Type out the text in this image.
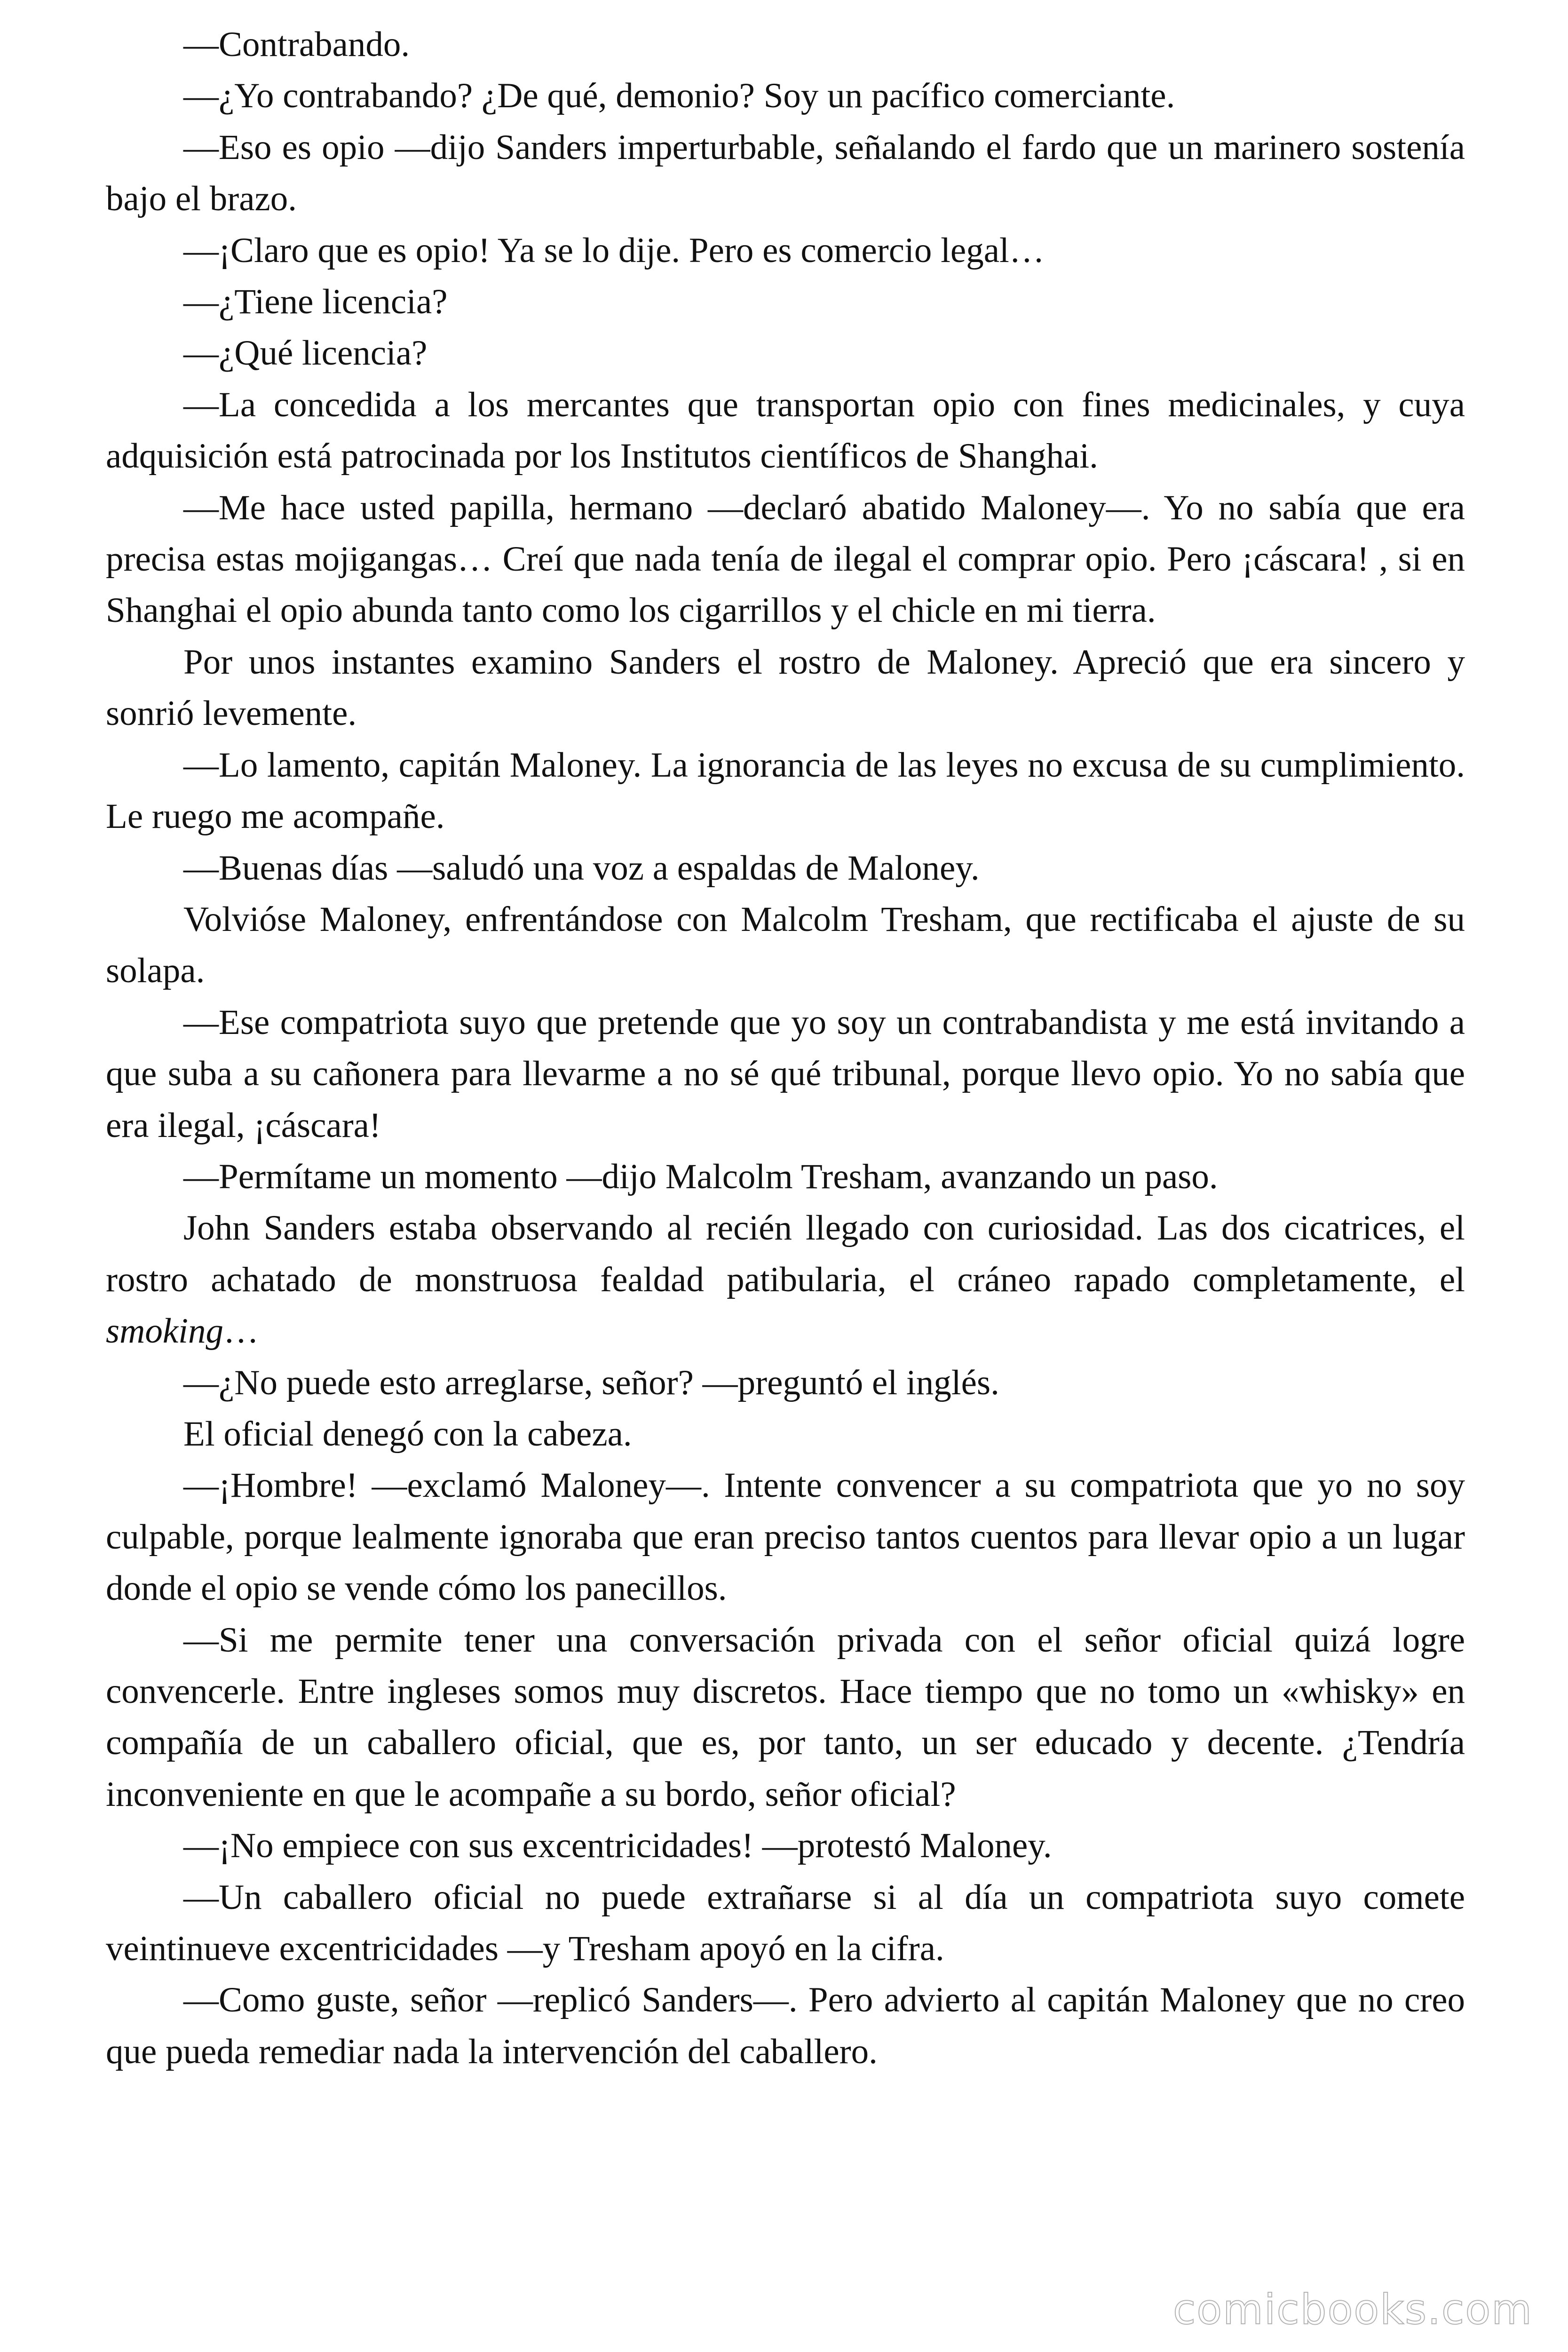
—Contrabando.

—¿Yo contrabando? ¿De qué, demonio? Soy un pacífico comerciante.

—Eso es opio —dijo Sanders imperturbable, señalando el fardo que un marinero sostenía bajo el brazo.

—¡Claro que es opio! Ya se lo dije. Pero es comercio legal…

—¿Tiene licencia?

—¿Qué licencia?

—La concedida a los mercantes que transportan opio con fines medicinales, y cuya adquisición está patrocinada por los Institutos científicos de Shanghai.

—Me hace usted papilla, hermano —declaró abatido Maloney—. Yo no sabía que era precisa estas mojigangas… Creí que nada tenía de ilegal el comprar opio. Pero ¡cáscara! , si en Shanghai el opio abunda tanto como los cigarrillos y el chicle en mi tierra.

Por unos instantes examino Sanders el rostro de Maloney. Apreció que era sincero y sonrió levemente.

—Lo lamento, capitán Maloney. La ignorancia de las leyes no excusa de su cumplimiento. Le ruego me acompañe.

—Buenas días —saludó una voz a espaldas de Maloney.

Volvióse Maloney, enfrentándose con Malcolm Tresham, que rectificaba el ajuste de su solapa.

—Ese compatriota suyo que pretende que yo soy un contrabandista y me está invitando a que suba a su cañonera para llevarme a no sé qué tribunal, porque llevo opio. Yo no sabía que era ilegal, ¡cáscara!

—Permítame un momento —dijo Malcolm Tresham, avanzando un paso.

John Sanders estaba observando al recién llegado con curiosidad. Las dos cicatrices, el rostro achatado de monstruosa fealdad patibularia, el cráneo rapado completamente, el smoking…

—¿No puede esto arreglarse, señor? —preguntó el inglés.

El oficial denegó con la cabeza.

—¡Hombre! —exclamó Maloney—. Intente convencer a su compatriota que yo no soy culpable, porque lealmente ignoraba que eran preciso tantos cuentos para llevar opio a un lugar donde el opio se vende cómo los panecillos.

—Si me permite tener una conversación privada con el señor oficial quizá logre convencerle. Entre ingleses somos muy discretos. Hace tiempo que no tomo un «whisky» en compañía de un caballero oficial, que es, por tanto, un ser educado y decente. ¿Tendría inconveniente en que le acompañe a su bordo, señor oficial?

—¡No empiece con sus excentricidades! —protestó Maloney.

—Un caballero oficial no puede extrañarse si al día un compatriota suyo comete veintinueve excentricidades —y Tresham apoyó en la cifra.

—Como guste, señor —replicó Sanders—. Pero advierto al capitán Maloney que no creo que pueda remediar nada la intervención del caballero.

comicbooks.com
